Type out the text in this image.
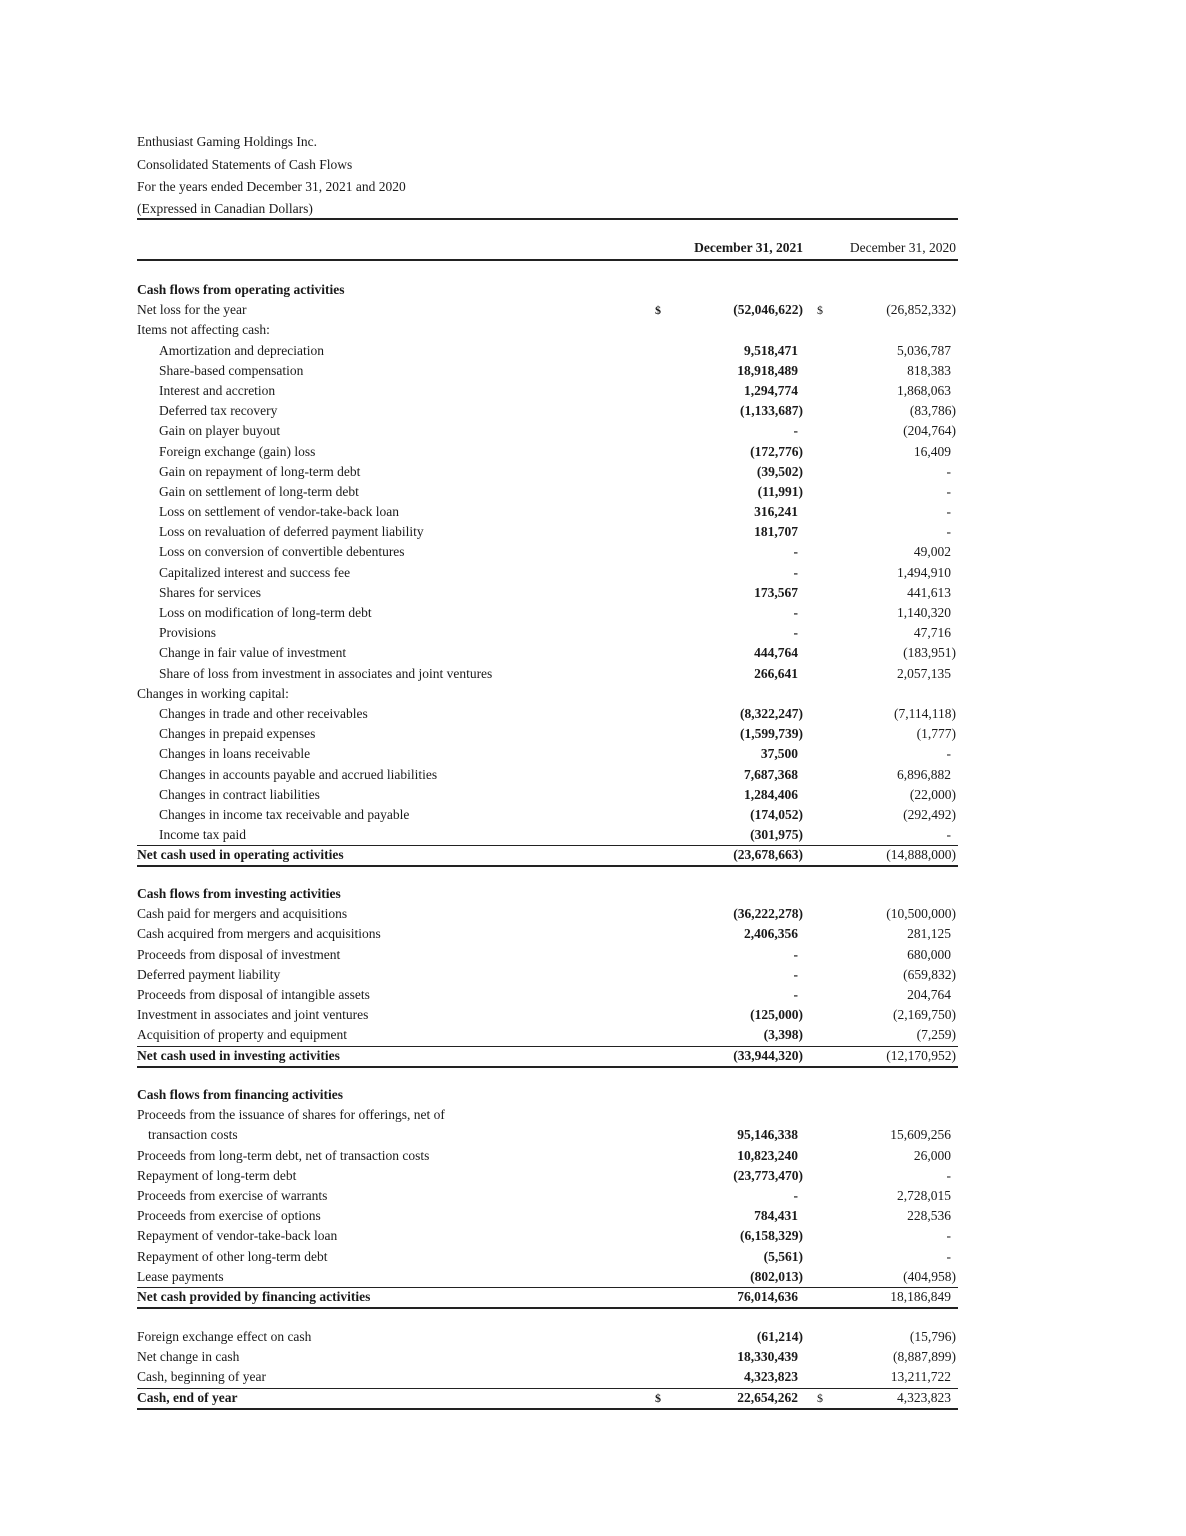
Enthusiast Gaming Holdings Inc.
Consolidated Statements of Cash Flows
For the years ended December 31, 2021 and 2020
(Expressed in Canadian Dollars)
December 31, 2021	December 31, 2020
Cash flows from operating activities
Net loss for the year	$	(52,046,622) $	(26,852,332)
Items not affecting cash:
Amortization and depreciation	9,518,471	5,036,787
Share-based compensation	18,918,489	818,383
Interest and accretion	1,294,774	1,868,063
Deferred tax recovery	(1,133,687)	(83,786)
Gain on player buyout	-	(204,764)
Foreign exchange (gain) loss	(172,776)	16,409
Gain on repayment of long-term debt	(39,502)	-
Gain on settlement of long-term debt	(11,991)	-
Loss on settlement of vendor-take-back loan	316,241	-
Loss on revaluation of deferred payment liability	181,707	-
Loss on conversion of convertible debentures	-	49,002
Capitalized interest and success fee	-	1,494,910
Shares for services	173,567	441,613
Loss on modification of long-term debt	-	1,140,320
Provisions	-	47,716
Change in fair value of investment	444,764	(183,951)
Share of loss from investment in associates and joint ventures	266,641	2,057,135
Changes in working capital:
Changes in trade and other receivables	(8,322,247)	(7,114,118)
Changes in prepaid expenses	(1,599,739)	(1,777)
Changes in loans receivable	37,500	-
Changes in accounts payable and accrued liabilities	7,687,368	6,896,882
Changes in contract liabilities	1,284,406	(22,000)
Changes in income tax receivable and payable	(174,052)	(292,492)
Income tax paid	(301,975)	-
Net cash used in operating activities	(23,678,663)	(14,888,000)
Cash flows from investing activities
Cash paid for mergers and acquisitions	(36,222,278)	(10,500,000)
Cash acquired from mergers and acquisitions	2,406,356	281,125
Proceeds from disposal of investment	-	680,000
Deferred payment liability	-	(659,832)
Proceeds from disposal of intangible assets	-	204,764
Investment in associates and joint ventures	(125,000)	(2,169,750)
Acquisition of property and equipment	(3,398)	(7,259)
Net cash used in investing activities	(33,944,320)	(12,170,952)
Cash flows from financing activities
Proceeds from the issuance of shares for offerings, net of
transaction costs	95,146,338	15,609,256
Proceeds from long-term debt, net of transaction costs	10,823,240	26,000
Repayment of long-term debt	(23,773,470)	-
Proceeds from exercise of warrants	-	2,728,015
Proceeds from exercise of options	784,431	228,536
Repayment of vendor-take-back loan	(6,158,329)	-
Repayment of other long-term debt	(5,561)	-
Lease payments	(802,013)	(404,958)
Net cash provided by financing activities	76,014,636	18,186,849
Foreign exchange effect on cash	(61,214)	(15,796)
Net change in cash	18,330,439	(8,887,899)
Cash, beginning of year	4,323,823	13,211,722
Cash, end of year	$	22,654,262 $	4,323,823
